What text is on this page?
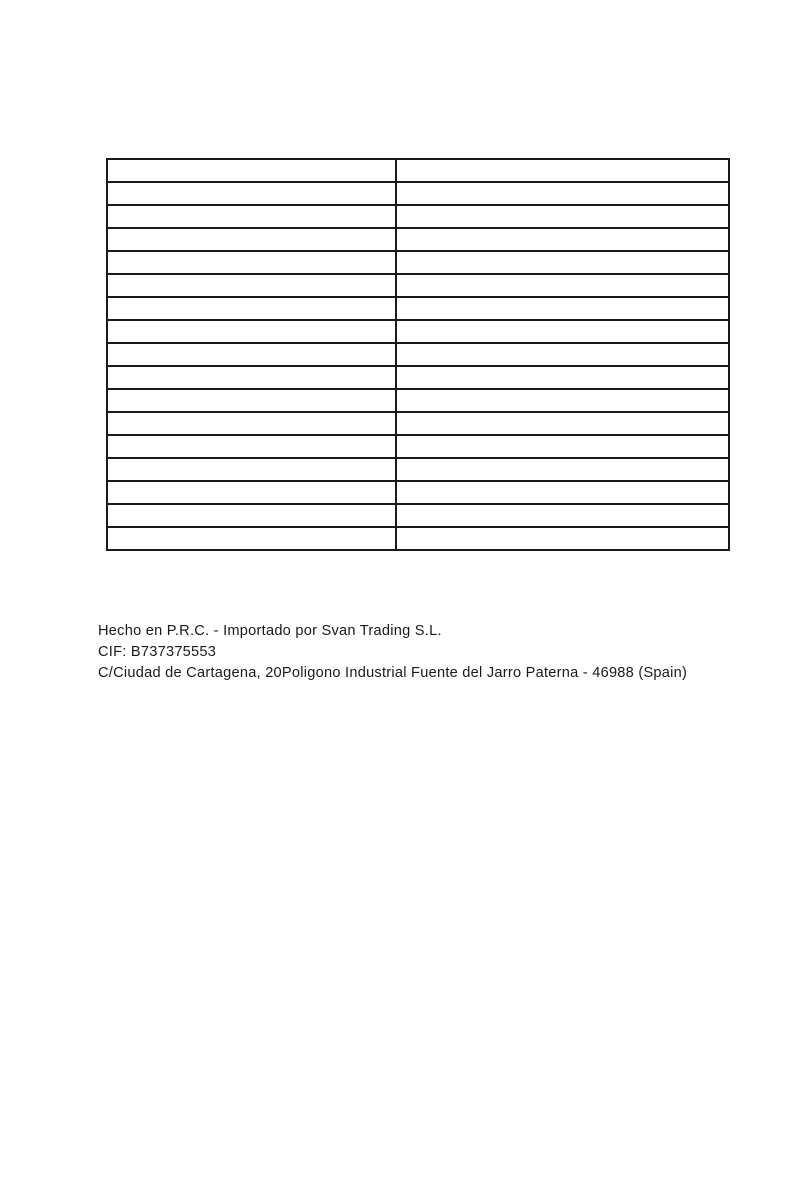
Hecho en P.R.C. - Importado por Svan Trading S.L.
CIF: B737375553
C/Ciudad de Cartagena, 20Poligono Industrial Fuente del Jarro Paterna - 46988 (Spain)
